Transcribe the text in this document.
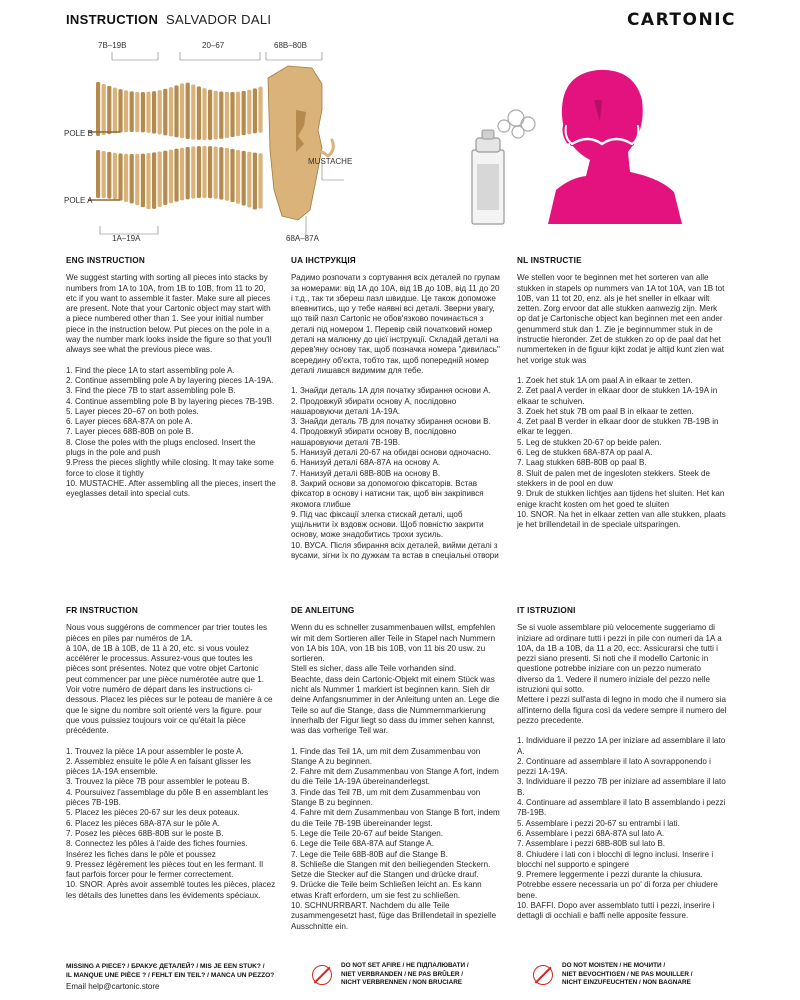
INSTRUCTION SALVADOR DALI	CARTONIC
7B–19B	20–67	68B–80B
POLE B
MUSTACHE
POLE A
1A–19A	68A–87A
ENG INSTRUCTION

We suggest starting with sorting all pieces into stacks by numbers from 1A to 10A, from 1B to 10B, from 11 to 20, etc if you want to assemble it faster. Make sure all pieces are present. Note that your Cartonic object may start with a piece numbered other than 1. See your initial number piece in the instruction below. Put pieces on the pole in a way the number mark looks inside the figure so that you'll always see what the previous piece was.

1. Find the piece 1A to start assembling pole A.
2. Continue assembling pole A by layering pieces 1A-19A.
3. Find the piece 7B to start assembling pole B.
4. Continue assembling pole B by layering pieces 7B-19B.
5. Layer pieces 20–67 on both poles.
6. Layer pieces 68A-87A on pole A.
7. Layer pieces 68B-80B on pole B.
8. Close the poles with the plugs enclosed. Insert the plugs in the pole and push
9.Press the pieces slightly while closing. It may take some force to close it tightly
10. MUSTACHE. After assembling all the pieces, insert the eyeglasses detail into special cuts.
UA ІНСТРУКЦІЯ

Радимо розпочати з сортування всіх деталей по групам за номерами: від 1А до 10А, від 1В до 10В, від 11 до 20 і т.д., так ти збереш пазл швидше. Це також допоможе впевнитись, що у тебе наявні всі деталі. Зверни увагу, що твій пазл Cartonic не обов'язково починається з деталі під номером 1. Перевір свій початковий номер деталі на малюнку до цієї інструкції. Складай деталі на дерев'яну основу так, щоб позначка номера "дивилась" всередину об'єкта, тобто так, щоб попередній номер деталі лишався видимим для тебе.

1. Знайди деталь 1А для початку збирання основи А.
2. Продовжуй збирати основу А, послідовно нашаровуючи деталі 1А-19А.
3. Знайди деталь 7В для початку збирання основи В.
4. Продовжуй збирати основу В, послідовно нашаровуючи деталі 7В-19В.
5. Нанизуй деталі 20-67 на обидві основи одночасно.
6. Нанизуй деталі 68А-87А на основу А.
7. Нанизуй деталі 68В-80В на основу В.
8. Закрий основи за допомогою фіксаторів. Встав фіксатор в основу і натисни так, щоб він закріпився якомога глибше
9. Під час фіксації злегка стискай деталі, щоб ущільнити їх вздовж основи. Щоб повністю закрити основу, може знадобитись трохи зусиль.
10. ВУСА. Після збирання всіх деталей, вийми деталі з вусами, зігни їх по дужкам та встав в спеціальні отвори
NL INSTRUCTIE

We stellen voor te beginnen met het sorteren van alle stukken in stapels op nummers van 1A tot 10A, van 1B tot 10B, van 11 tot 20, enz. als je het sneller in elkaar wilt zetten. Zorg ervoor dat alle stukken aanwezig zijn. Merk op dat je Cartonische object kan beginnen met een ander genummerd stuk dan 1. Zie je beginnummer stuk in de instructie hieronder. Zet de stukken zo op de paal dat het nummerteken in de figuur kijkt zodat je altijd kunt zien wat het vorige stuk was

1. Zoek het stuk 1A om paal A in elkaar te zetten.
2. Zet paal A verder in elkaar door de stukken 1A-19A in elkaar te schuiven.
3. Zoek het stuk 7B om paal B in elkaar te zetten.
4. Zet paal B verder in elkaar door de stukken 7B-19B in elkar te leggen.
5. Leg de stukken 20-67 op beide palen.
6. Leg de stukken 68A-87A op paal A.
7. Laag stukken 68B-80B op paal B.
8. Sluit de palen met de ingesloten stekkers. Steek de stekkers in de pool en duw
9. Druk de stukken lichtjes aan tijdens het sluiten. Het kan enige kracht kosten om het goed te sluiten
10. SNOR. Na het in elkaar zetten van alle stukken, plaats je het brillendetail in de speciale uitsparingen.
FR INSTRUCTION

Nous vous suggérons de commencer par trier toutes les pièces en piles par numéros de 1A.
à 10A, de 1B à 10B, de 11 à 20, etc. si vous voulez accélérer le processus. Assurez-vous que toutes les pièces sont présentes. Notez que votre objet Cartonic peut commencer par une pièce numérotée autre que 1. Voir votre numéro de départ dans les instructions ci-dessous. Placez les pièces sur le poteau de manière à ce que le signe du nombre soit orienté vers la figure. pour que vous puissiez toujours voir ce qu'était la pièce précédente.

1. Trouvez la pièce 1A pour assembler le poste A.
2. Assemblez ensuite le pôle A en faisant glisser les pièces 1A-19A ensemble.
3. Trouvez la pièce 7B pour assembler le poteau B.
4. Poursuivez l'assemblage du pôle B en assemblant les pièces 7B-19B.
5. Placez les pièces 20-67 sur les deux poteaux.
6. Placez les pièces 68A-87A sur le pôle A.
7. Posez les pièces 68B-80B sur le poste B.
8. Connectez les pôles à l'aide des fiches fournies. Insérez les fiches dans le pôle et poussez
9. Pressez légèrement les pièces tout en les fermant. Il faut parfois forcer pour le fermer correctement.
10. SNOR. Après avoir assemblé toutes les pièces, placez les détails des lunettes dans les évidements spéciaux.
DE ANLEITUNG

Wenn du es schneller zusammenbauen willst, empfehlen wir mit dem Sortieren aller Teile in Stapel nach Nummern von 1A bis 10A, von 1B bis 10B, von 11 bis 20 usw. zu sortieren.
Stell es sicher, dass alle Teile vorhanden sind.
Beachte, dass dein Cartonic-Objekt mit einem Stück was nicht als Nummer 1 markiert ist beginnen kann. Sieh dir deine Anfangsnummer in der Anleitung unten an. Lege die Teile so auf die Stange, dass die Nummernmarkierung innerhalb der Figur liegt so dass du immer sehen kannst, was das vorherige Teil war.

1. Finde das Teil 1A, um mit dem Zusammenbau von Stange A zu beginnen.
2. Fahre mit dem Zusammenbau von Stange A fort, indem du die Teile 1A-19A übereinanderlegst.
3. Finde das Teil 7B, um mit dem Zusammenbau von Stange B zu beginnen.
4. Fahre mit dem Zusammenbau von Stange B fort, indem du die Teile 7B-19B übereinander legst.
5. Lege die Teile 20-67 auf beide Stangen.
6. Lege die Teile 68A-87A auf Stange A.
7. Lege die Teile 68B-80B auf die Stange B.
8. Schließe die Stangen mit den beiliegenden Steckern. Setze die Stecker auf die Stangen und drücke drauf.
9. Drücke die Teile beim Schließen leicht an. Es kann etwas Kraft erfordern, um sie fest zu schließen.
10. SCHNURRBART. Nachdem du alle Teile zusammengesetzt hast, füge das Brillendetail in spezielle Ausschnitte ein.
IT ISTRUZIONI

Se si vuole assemblare più velocemente suggeriamo di iniziare ad ordinare tutti i pezzi in pile con numeri da 1A a 10A, da 1B a 10B, da 11 a 20, ecc. Assicurarsi che tutti i pezzi siano presenti. Si noti che il modello Cartonic in questione potrebbe iniziare con un pezzo numerato diverso da 1. Vedere il numero iniziale del pezzo nelle istruzioni qui sotto.
Mettere i pezzi sull'asta di legno in modo che il numero sia all'interno della figura così da vedere sempre il numero del pezzo precedente.

1. Individuare il pezzo 1A per iniziare ad assemblare il lato A.
2. Continuare ad assemblare il lato A sovrapponendo i pezzi 1A-19A.
3. Individuare il pezzo 7B per iniziare ad assemblare il lato B.
4. Continuare ad assemblare il lato B assemblando i pezzi 7B-19B.
5. Assemblare i pezzi 20-67 su entrambi i lati.
6. Assemblare i pezzi 68A-87A sul lato A.
7. Assemblare i pezzi 68B-80B sul lato B.
8. Chiudere i lati con i blocchi di legno inclusi. Inserire i blocchi nel supporto e spingere
9. Premere leggermente i pezzi durante la chiusura. Potrebbe essere necessaria un po' di forza per chiudere bene.
10. BAFFI. Dopo aver assemblato tutti i pezzi, inserire i dettagli di occhiali e baffi nelle apposite fessure.
MISSING A PIECE? / БРАКУЄ ДЕТАЛЕЙ? / MIS JE EEN STUK? /
IL MANQUE UNE PIÈCE ? / FEHLT EIN TEIL? / MANCA UN PEZZO?
Email help@cartonic.store
DO NOT SET AFIRE / НЕ ПІДПАЛЮВАТИ /
NIET VERBRANDEN / NE PAS BRÛLER /
NICHT VERBRENNEN / NON BRUCIARE
DO NOT MOISTEN / НЕ МОЧИТИ /
NIET BEVOCHTIGEN / NE PAS MOUILLER /
NICHT EINZUFEUCHTEN / NON BAGNARE
